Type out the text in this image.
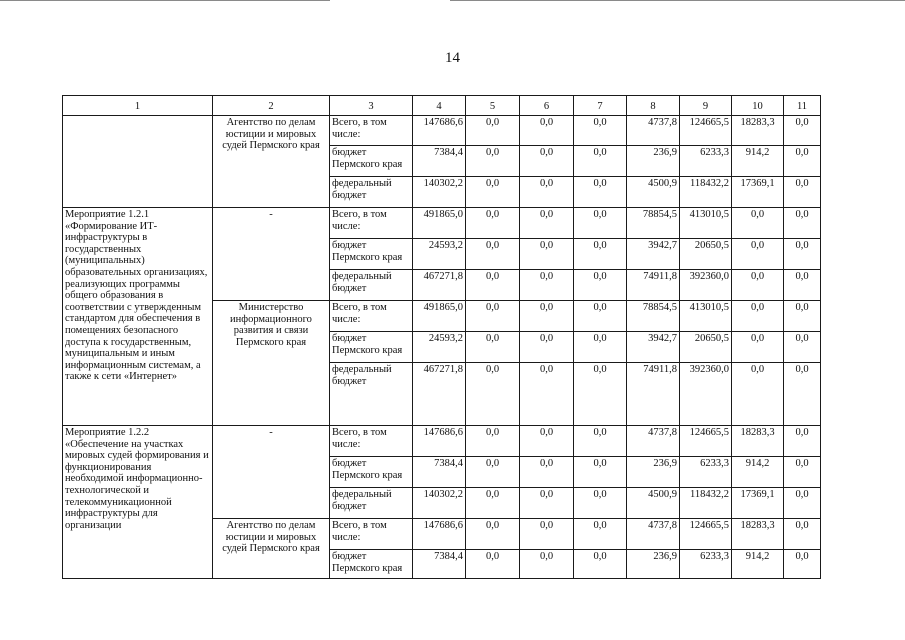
14
1	2	3	4	5	6	7	8	9	10	11
	Агентство по делам юстиции и мировых судей Пермского края	Всего, в том числе:	147686,6	0,0	0,0	0,0	4737,8	124665,5	18283,3	0,0
		бюджет Пермского края	7384,4	0,0	0,0	0,0	236,9	6233,3	914,2	0,0
		федеральный бюджет	140302,2	0,0	0,0	0,0	4500,9	118432,2	17369,1	0,0
Мероприятие 1.2.1 «Формирование ИТ-инфраструктуры в государственных (муниципальных) образовательных организациях, реализующих программы общего образования в соответствии с утвержденным стандартом для обеспечения в помещениях безопасного доступа к государственным, муниципальным и иным информационным системам, а также к сети «Интернет»	-	Всего, в том числе:	491865,0	0,0	0,0	0,0	78854,5	413010,5	0,0	0,0
		бюджет Пермского края	24593,2	0,0	0,0	0,0	3942,7	20650,5	0,0	0,0
		федеральный бюджет	467271,8	0,0	0,0	0,0	74911,8	392360,0	0,0	0,0
	Министерство информационного развития и связи Пермского края	Всего, в том числе:	491865,0	0,0	0,0	0,0	78854,5	413010,5	0,0	0,0
		бюджет Пермского края	24593,2	0,0	0,0	0,0	3942,7	20650,5	0,0	0,0
		федеральный бюджет	467271,8	0,0	0,0	0,0	74911,8	392360,0	0,0	0,0
Мероприятие 1.2.2 «Обеспечение на участках мировых судей формирования и функционирования необходимой информационно-технологической и телекоммуникационной инфраструктуры для организации	-	Всего, в том числе:	147686,6	0,0	0,0	0,0	4737,8	124665,5	18283,3	0,0
		бюджет Пермского края	7384,4	0,0	0,0	0,0	236,9	6233,3	914,2	0,0
		федеральный бюджет	140302,2	0,0	0,0	0,0	4500,9	118432,2	17369,1	0,0
	Агентство по делам юстиции и мировых судей Пермского края	Всего, в том числе:	147686,6	0,0	0,0	0,0	4737,8	124665,5	18283,3	0,0
		бюджет Пермского края	7384,4	0,0	0,0	0,0	236,9	6233,3	914,2	0,0
